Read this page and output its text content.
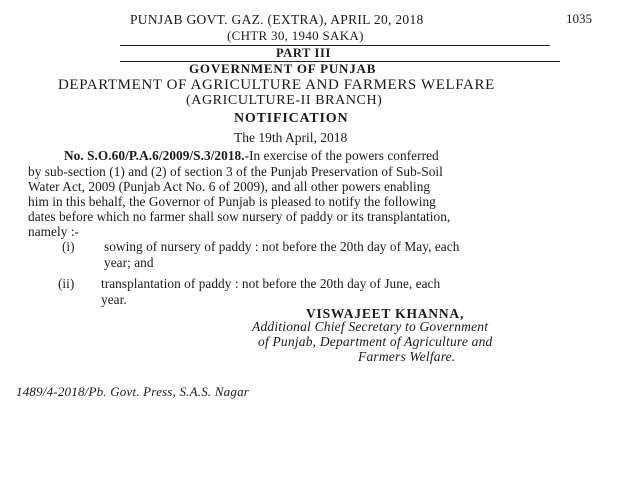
PUNJAB GOVT. GAZ. (EXTRA), APRIL 20, 2018	1035
(CHTR 30, 1940 SAKA)
PART III
GOVERNMENT OF PUNJAB
DEPARTMENT OF AGRICULTURE AND FARMERS WELFARE
(AGRICULTURE-II BRANCH)
NOTIFICATION
The 19th April, 2018
No. S.O.60/P.A.6/2009/S.3/2018.-In exercise of the powers conferred
by sub-section (1) and (2) of section 3 of the Punjab Preservation of Sub-Soil
Water Act, 2009 (Punjab Act No. 6 of 2009), and all other powers enabling
him in this behalf, the Governor of Punjab is pleased to notify the following
dates before which no farmer shall sow nursery of paddy or its transplantation,
namely :-
(i) sowing of nursery of paddy : not before the 20th day of May, each
year; and
(ii) transplantation of paddy : not before the 20th day of June, each
year.
VISWAJEET KHANNA,
Additional Chief Secretary to Government
of Punjab, Department of Agriculture and
Farmers Welfare.
1489/4-2018/Pb. Govt. Press, S.A.S. Nagar
